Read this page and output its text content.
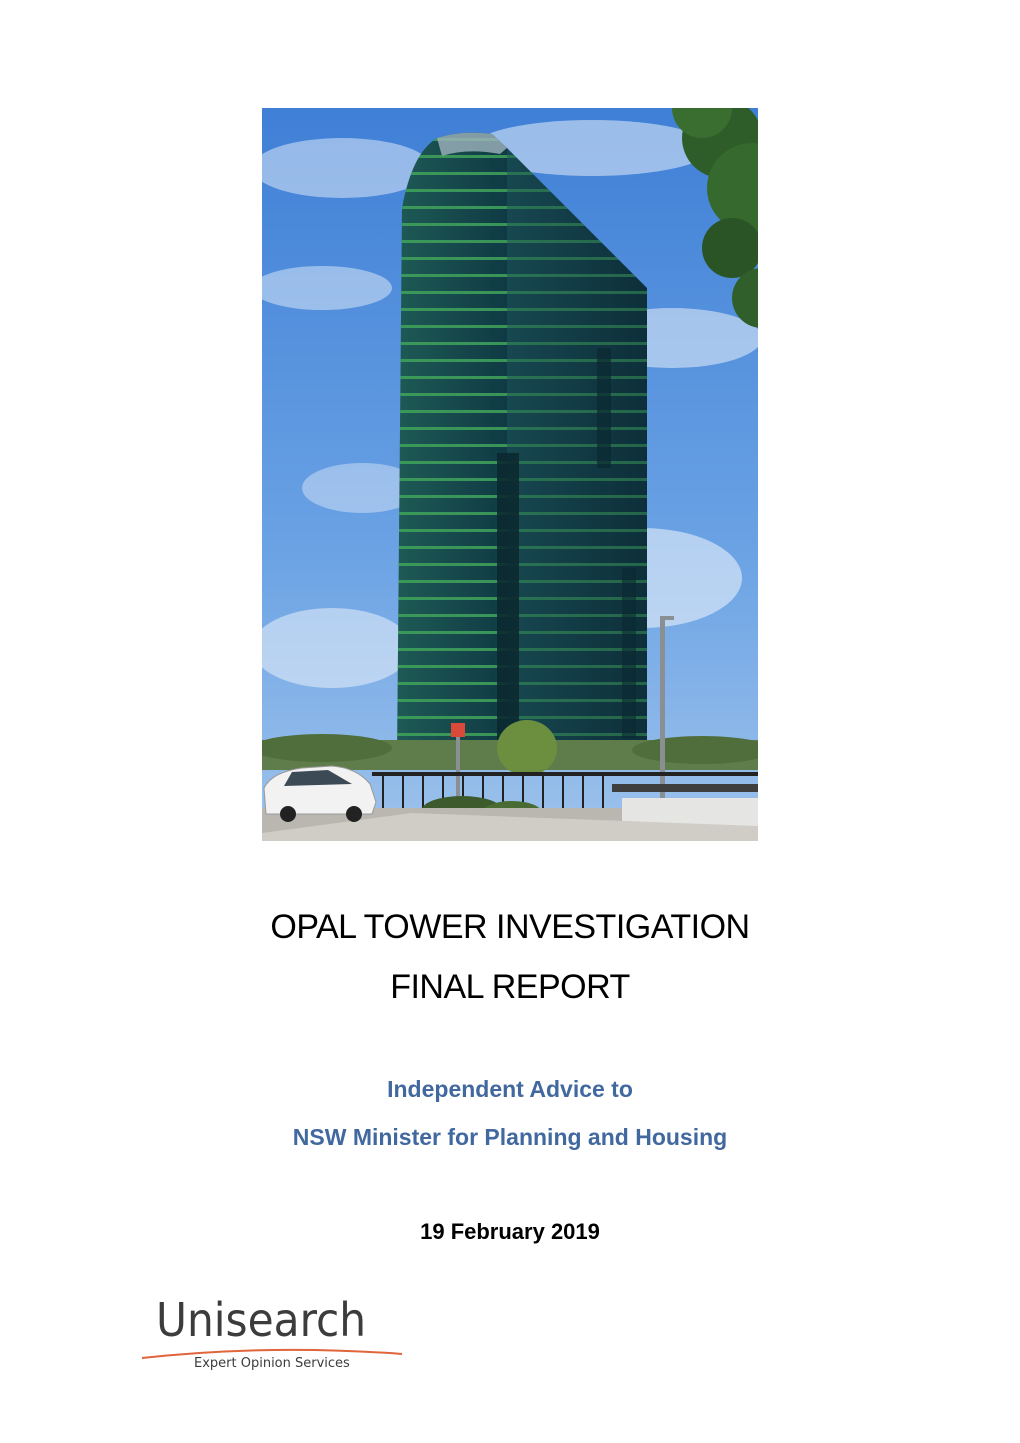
OPAL TOWER INVESTIGATION
FINAL REPORT
Independent Advice to
NSW Minister for Planning and Housing
19 February 2019
Unisearch
Expert Opinion Services
